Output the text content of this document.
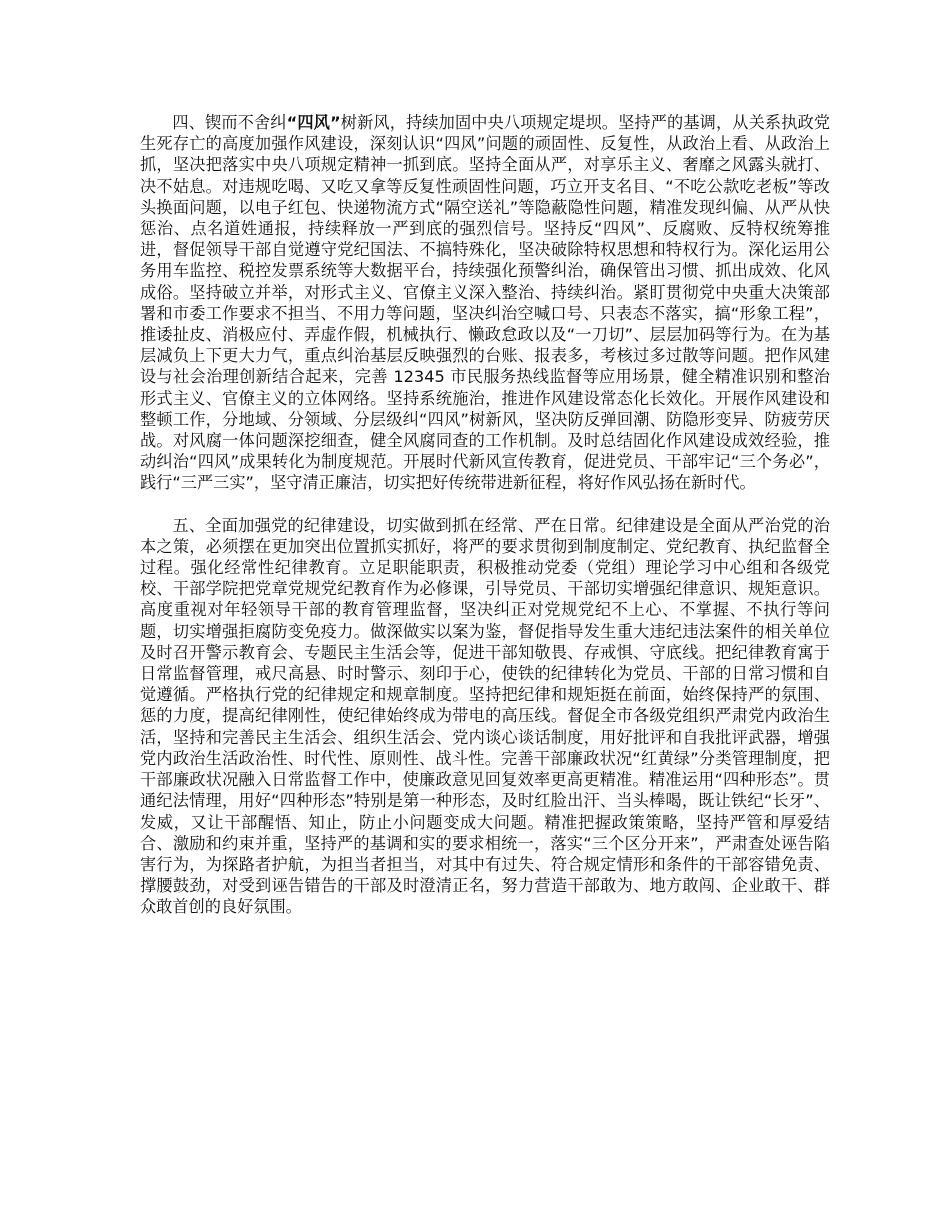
四、锲而不舍纠“四风”树新风，持续加固中央八项规定堤坝。坚持严的基调，从关系执政党生死存亡的高度加强作风建设，深刻认识“四风”问题的顽固性、反复性，从政治上看、从政治上抓，坚决把落实中央八项规定精神一抓到底。坚持全面从严，对享乐主义、奢靡之风露头就打、决不姑息。对违规吃喝、又吃又拿等反复性顽固性问题，巧立开支名目、“不吃公款吃老板”等改头换面问题，以电子红包、快递物流方式“隔空送礼”等隐蔽隐性问题，精准发现纠偏、从严从快惩治、点名道姓通报，持续释放一严到底的强烈信号。坚持反“四风”、反腐败、反特权统筹推进，督促领导干部自觉遵守党纪国法、不搞特殊化，坚决破除特权思想和特权行为。深化运用公务用车监控、税控发票系统等大数据平台，持续强化预警纠治，确保管出习惯、抓出成效、化风成俗。坚持破立并举，对形式主义、官僚主义深入整治、持续纠治。紧盯贯彻党中央重大决策部署和市委工作要求不担当、不用力等问题，坚决纠治空喊口号、只表态不落实，搞“形象工程”，推诿扯皮、消极应付、弄虚作假，机械执行、懒政怠政以及“一刀切”、层层加码等行为。在为基层减负上下更大力气，重点纠治基层反映强烈的台账、报表多，考核过多过散等问题。把作风建设与社会治理创新结合起来，完善 12345 市民服务热线监督等应用场景，健全精准识别和整治形式主义、官僚主义的立体网络。坚持系统施治，推进作风建设常态化长效化。开展作风建设和整顿工作，分地域、分领域、分层级纠“四风”树新风，坚决防反弹回潮、防隐形变异、防疲劳厌战。对风腐一体问题深挖细查，健全风腐同查的工作机制。及时总结固化作风建设成效经验，推动纠治“四风”成果转化为制度规范。开展时代新风宣传教育，促进党员、干部牢记“三个务必”，践行“三严三实”，坚守清正廉洁，切实把好传统带进新征程，将好作风弘扬在新时代。

五、全面加强党的纪律建设，切实做到抓在经常、严在日常。纪律建设是全面从严治党的治本之策，必须摆在更加突出位置抓实抓好，将严的要求贯彻到制度制定、党纪教育、执纪监督全过程。强化经常性纪律教育。立足职能职责，积极推动党委（党组）理论学习中心组和各级党校、干部学院把党章党规党纪教育作为必修课，引导党员、干部切实增强纪律意识、规矩意识。高度重视对年轻领导干部的教育管理监督，坚决纠正对党规党纪不上心、不掌握、不执行等问题，切实增强拒腐防变免疫力。做深做实以案为鉴，督促指导发生重大违纪违法案件的相关单位及时召开警示教育会、专题民主生活会等，促进干部知敬畏、存戒惧、守底线。把纪律教育寓于日常监督管理，戒尺高悬、时时警示、刻印于心，使铁的纪律转化为党员、干部的日常习惯和自觉遵循。严格执行党的纪律规定和规章制度。坚持把纪律和规矩挺在前面，始终保持严的氛围、惩的力度，提高纪律刚性，使纪律始终成为带电的高压线。督促全市各级党组织严肃党内政治生活，坚持和完善民主生活会、组织生活会、党内谈心谈话制度，用好批评和自我批评武器，增强党内政治生活政治性、时代性、原则性、战斗性。完善干部廉政状况“红黄绿”分类管理制度，把干部廉政状况融入日常监督工作中，使廉政意见回复效率更高更精准。精准运用“四种形态”。贯通纪法情理，用好“四种形态”特别是第一种形态，及时红脸出汗、当头棒喝，既让铁纪“长牙”、发威，又让干部醒悟、知止，防止小问题变成大问题。精准把握政策策略，坚持严管和厚爱结合、激励和约束并重，坚持严的基调和实的要求相统一，落实“三个区分开来”，严肃查处诬告陷害行为，为探路者护航，为担当者担当，对其中有过失、符合规定情形和条件的干部容错免责、撑腰鼓劲，对受到诬告错告的干部及时澄清正名，努力营造干部敢为、地方敢闯、企业敢干、群众敢首创的良好氛围。
